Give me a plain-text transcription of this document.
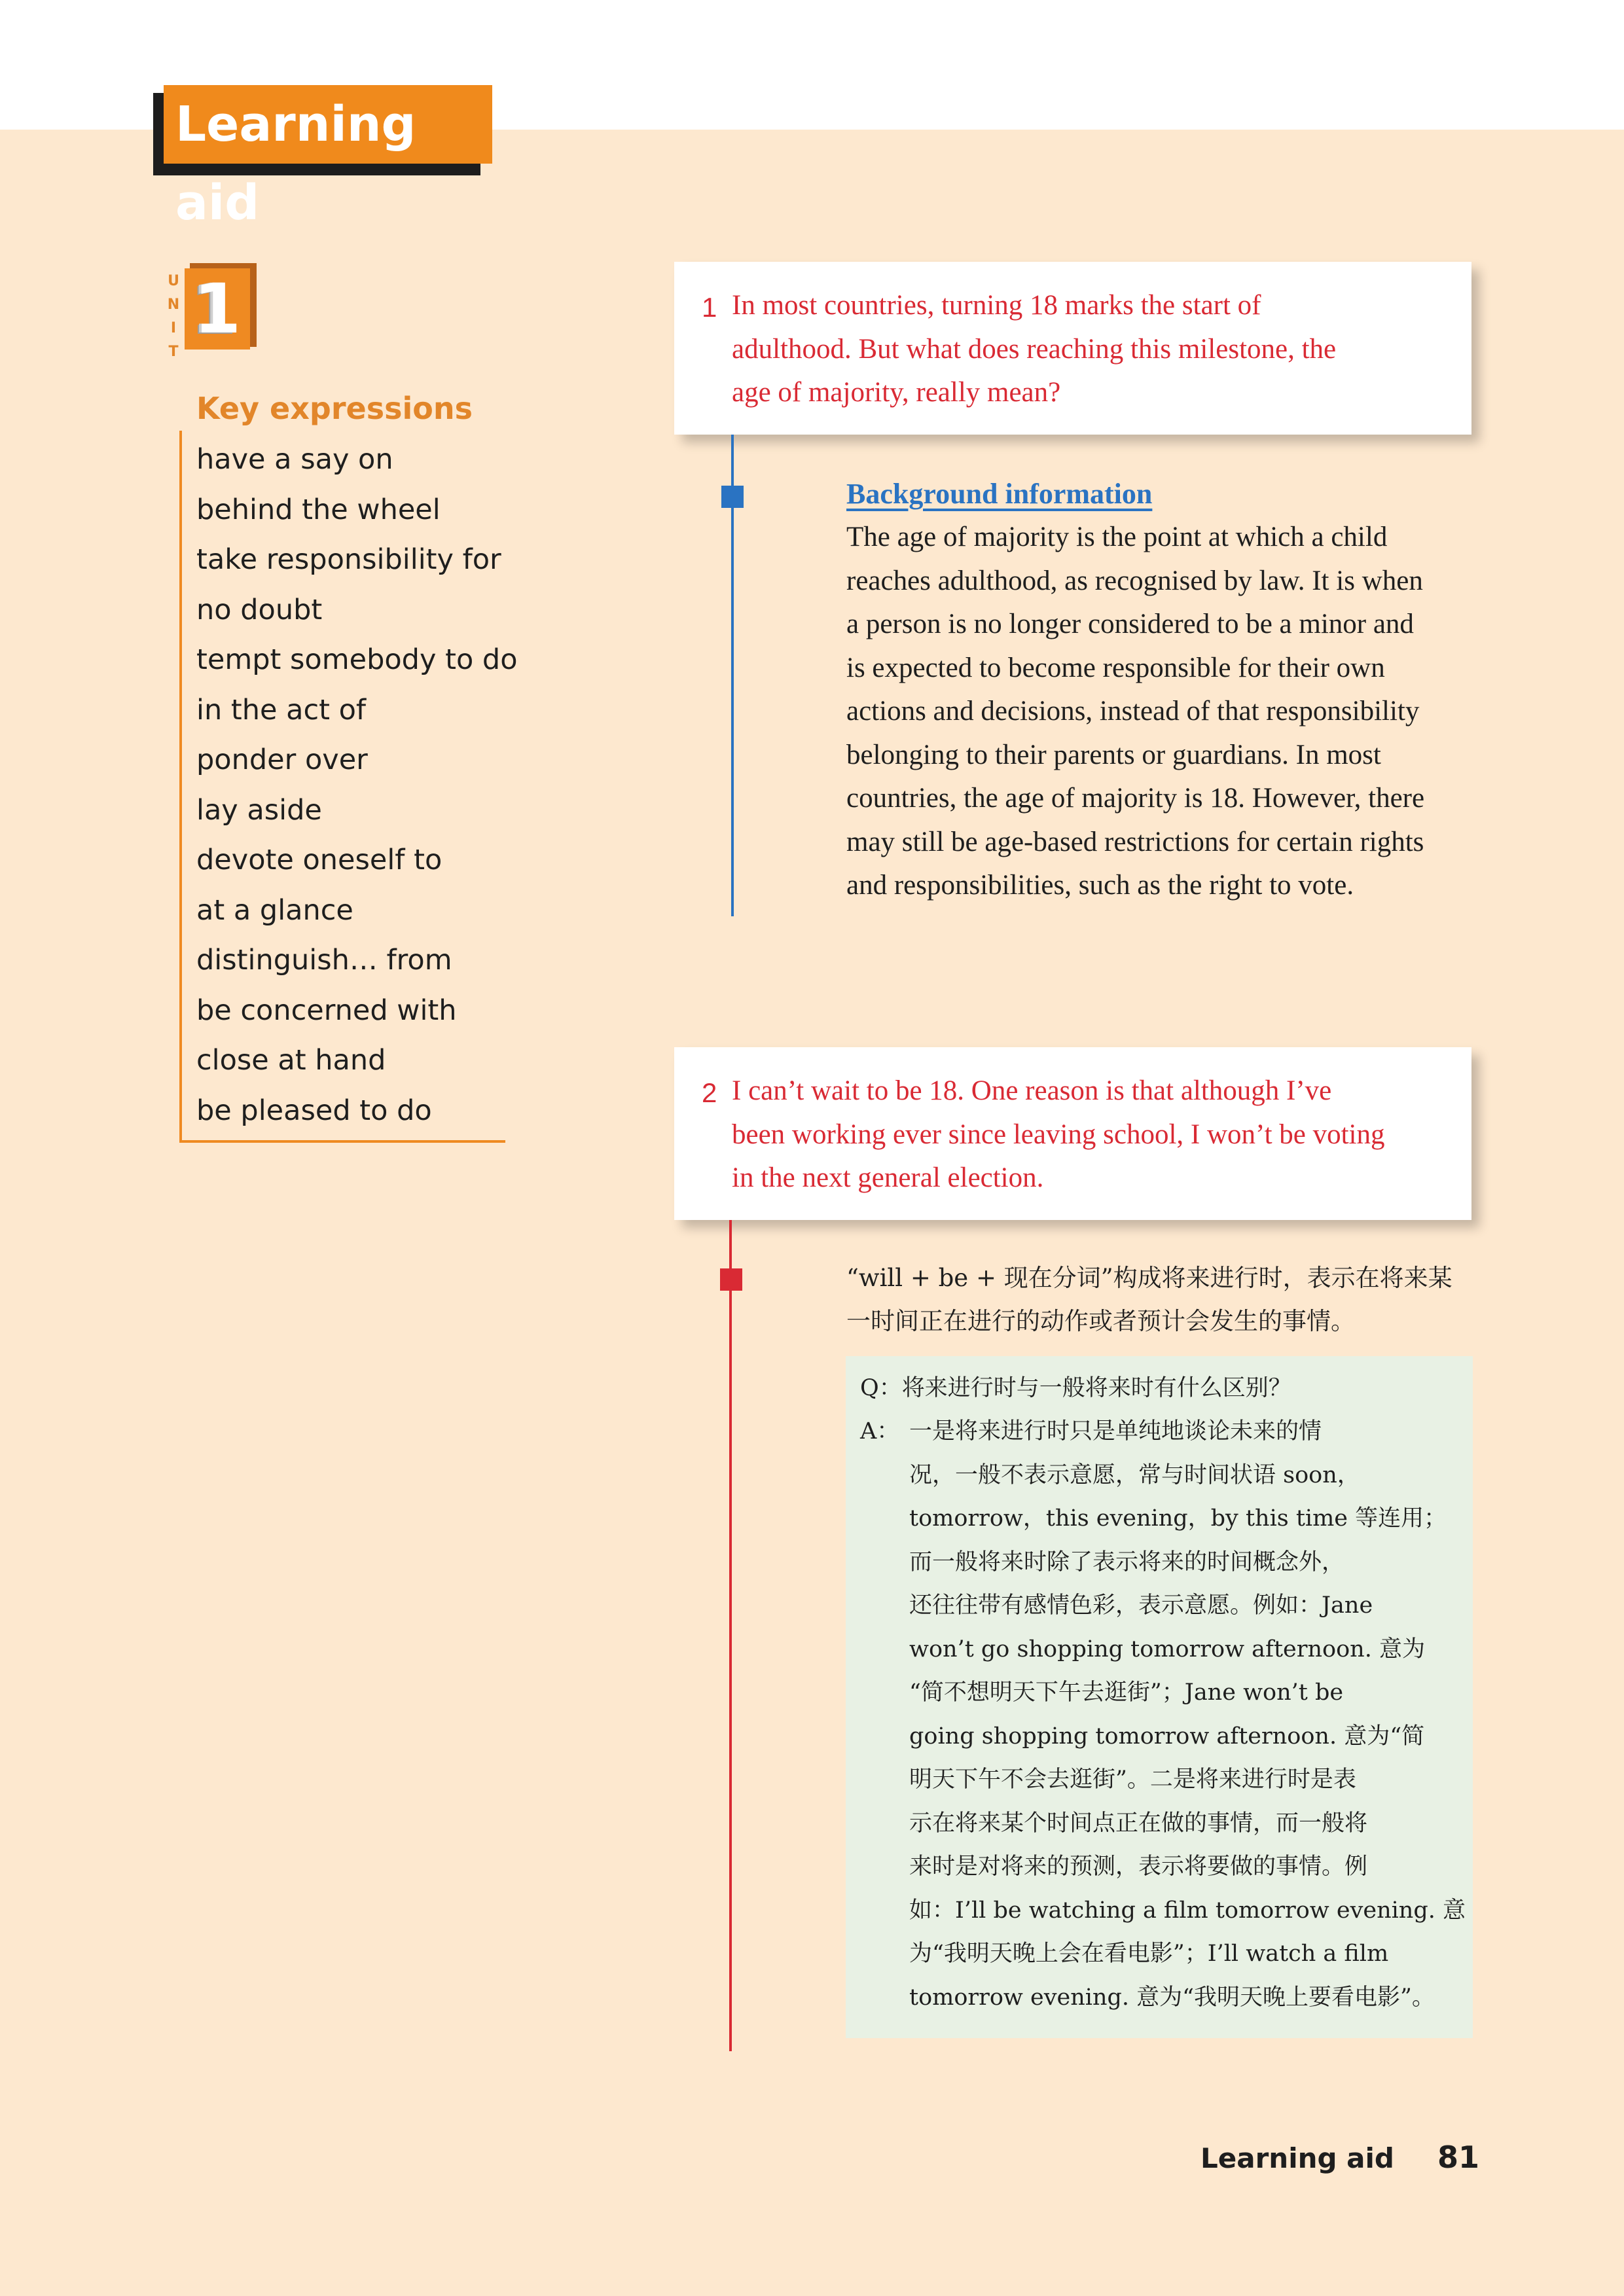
Learning aid
U
N
I
T
1
Key expressions
have a say on
behind the wheel
take responsibility for
no doubt
tempt somebody to do
in the act of
ponder over
lay aside
devote oneself to
at a glance
distinguish… from
be concerned with
close at hand
be pleased to do
1 In most countries, turning 18 marks the start of
adulthood. But what does reaching this milestone, the
age of majority, really mean?
Background information
The age of majority is the point at which a child
reaches adulthood, as recognised by law. It is when
a person is no longer considered to be a minor and
is expected to become responsible for their own
actions and decisions, instead of that responsibility
belonging to their parents or guardians. In most
countries, the age of majority is 18. However, there
may still be age-based restrictions for certain rights
and responsibilities, such as the right to vote.
2 I can’t wait to be 18. One reason is that although I’ve
been working ever since leaving school, I won’t be voting
in the next general election.
“will + be + 现在分词”构成将来进行时，表示在将来某
一时间正在进行的动作或者预计会发生的事情。
Q：将来进行时与一般将来时有什么区别？
A： 一是将来进行时只是单纯地谈论未来的情
况，一般不表示意愿，常与时间状语 soon，
tomorrow，this evening，by this time 等连用；
而一般将来时除了表示将来的时间概念外，
还往往带有感情色彩，表示意愿。例如：Jane
won’t go shopping tomorrow afternoon. 意为
“简不想明天下午去逛街”；Jane won’t be
going shopping tomorrow afternoon. 意为“简
明天下午不会去逛街”。二是将来进行时是表
示在将来某个时间点正在做的事情，而一般将
来时是对将来的预测，表示将要做的事情。例
如：I’ll be watching a film tomorrow evening. 意
为“我明天晚上会在看电影”；I’ll watch a film
tomorrow evening. 意为“我明天晚上要看电影”。
Learning aid 81
